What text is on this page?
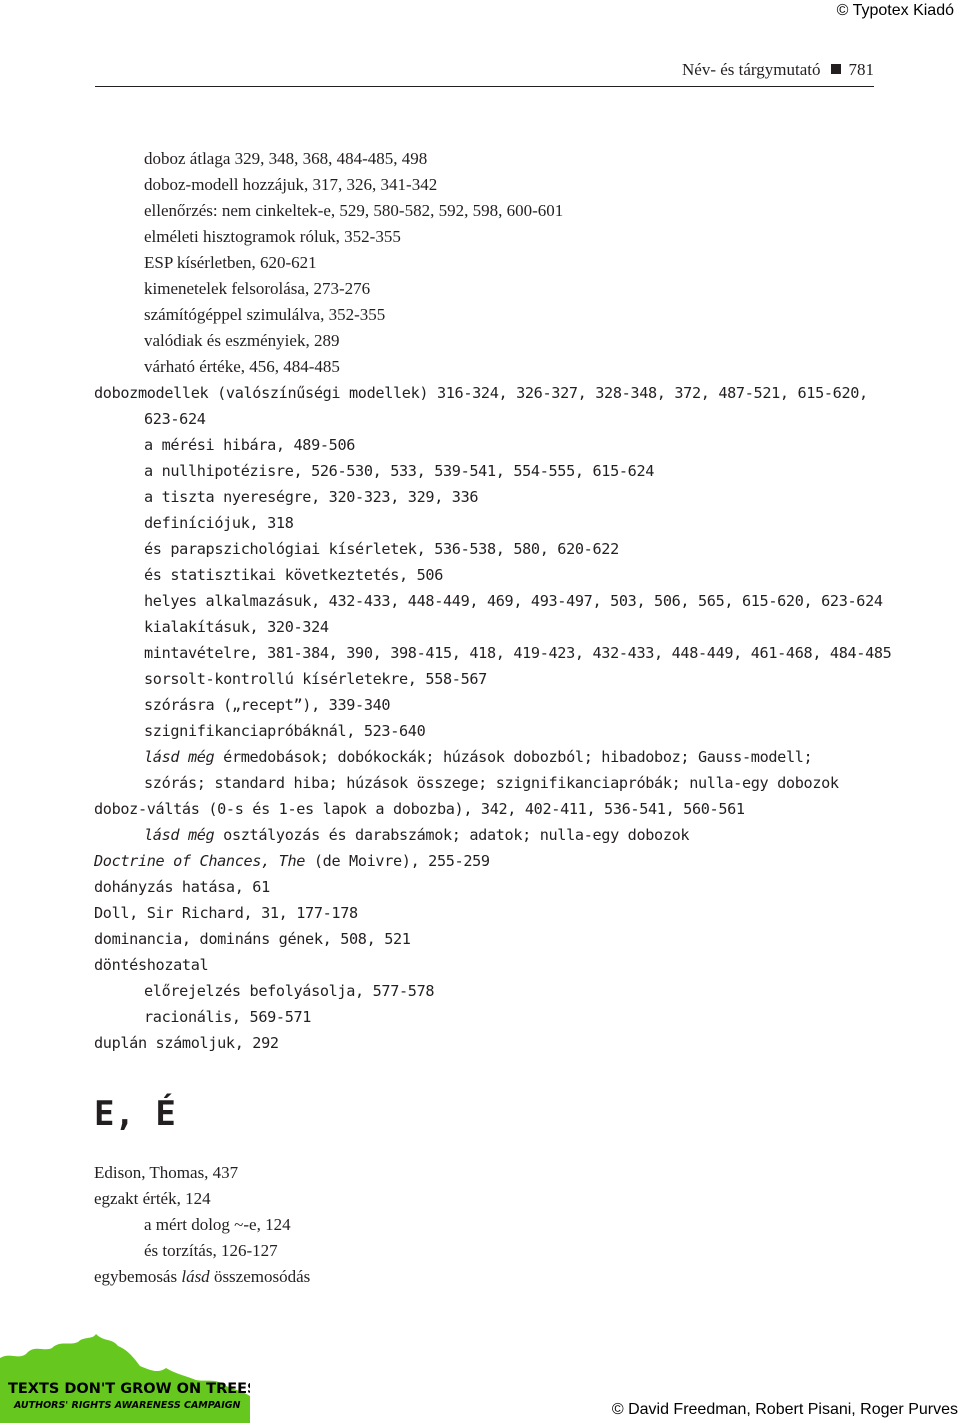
© Typotex Kiadó
Név- és tárgymutató 781
doboz átlaga 329, 348, 368, 484-485, 498
doboz-modell hozzájuk, 317, 326, 341-342
ellenőrzés: nem cinkeltek-e, 529, 580-582, 592, 598, 600-601
elméleti hisztogramok róluk, 352-355
ESP kísérletben, 620-621
kimenetelek felsorolása, 273-276
számítógéppel szimulálva, 352-355
valódiak és eszményiek, 289
várható értéke, 456, 484-485
dobozmodellek (valószínűségi modellek) 316-324, 326-327, 328-348, 372, 487-521, 615-620,
623-624
a mérési hibára, 489-506
a nullhipotézisre, 526-530, 533, 539-541, 554-555, 615-624
a tiszta nyereségre, 320-323, 329, 336
definíciójuk, 318
és parapszichológiai kísérletek, 536-538, 580, 620-622
és statisztikai következtetés, 506
helyes alkalmazásuk, 432-433, 448-449, 469, 493-497, 503, 506, 565, 615-620, 623-624
kialakításuk, 320-324
mintavételre, 381-384, 390, 398-415, 418, 419-423, 432-433, 448-449, 461-468, 484-485
sorsolt-kontrollú kísérletekre, 558-567
szórásra („recept”), 339-340
szignifikanciapróbáknál, 523-640
lásd még érmedobások; dobókockák; húzások dobozból; hibadoboz; Gauss-modell;
szórás; standard hiba; húzások összege; szignifikanciapróbák; nulla-egy dobozok
doboz-váltás (0-s és 1-es lapok a dobozba), 342, 402-411, 536-541, 560-561
lásd még osztályozás és darabszámok; adatok; nulla-egy dobozok
Doctrine of Chances, The (de Moivre), 255-259
dohányzás hatása, 61
Doll, Sir Richard, 31, 177-178
dominancia, domináns gének, 508, 521
döntéshozatal
előrejelzés befolyásolja, 577-578
racionális, 569-571
duplán számoljuk, 292
E, É
Edison, Thomas, 437
egzakt érték, 124
a mért dolog ~-e, 124
és torzítás, 126-127
egybemosás lásd összemosódás
TEXTS DON'T GROW ON TREES!
AUTHORS' RIGHTS AWARENESS CAMPAIGN	© David Freedman, Robert Pisani, Roger Purves
